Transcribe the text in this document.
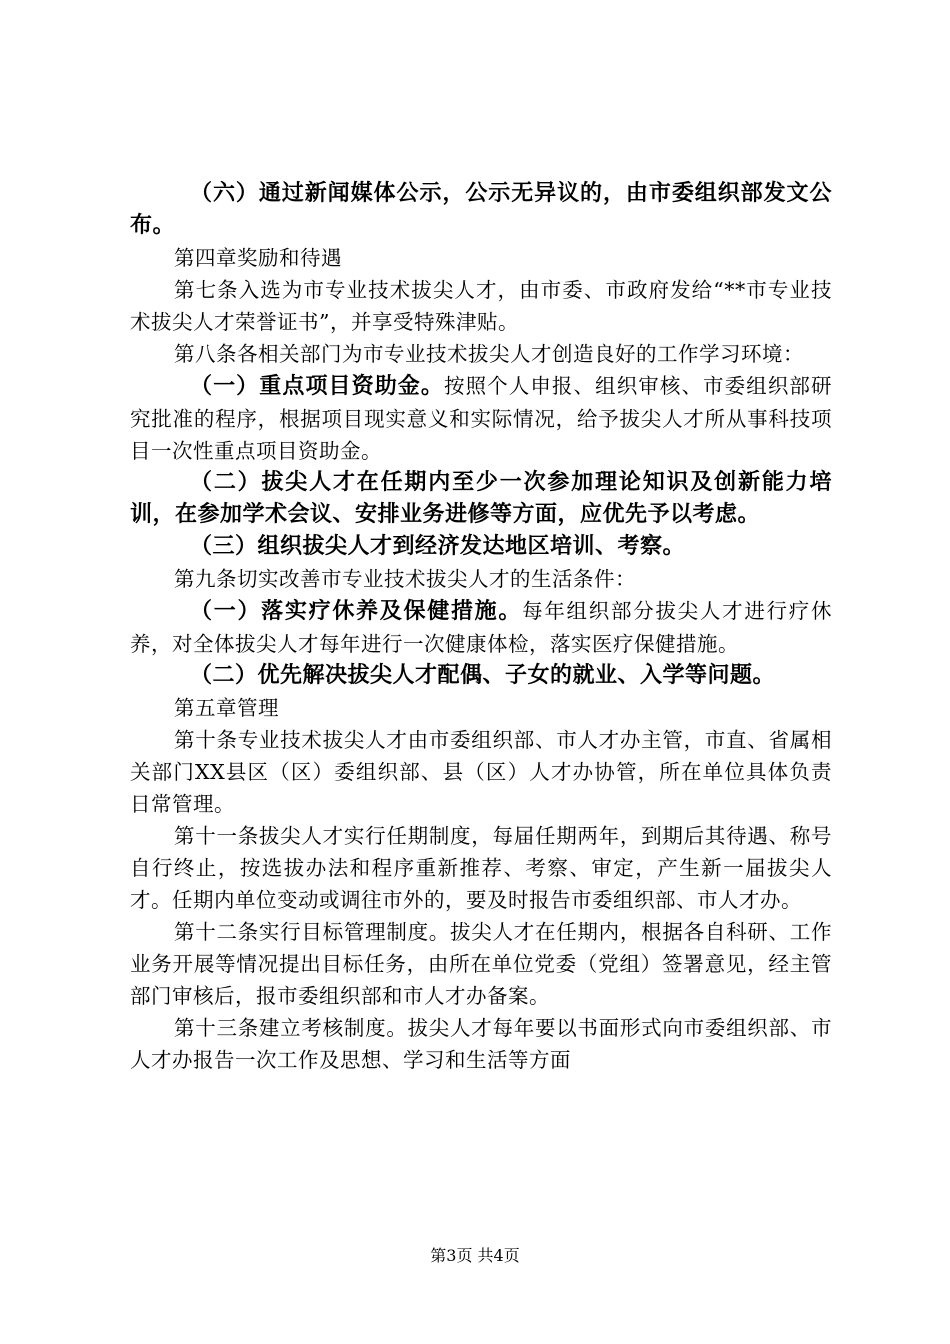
（六）通过新闻媒体公示，公示无异议的，由市委组织部发文公布。

第四章奖励和待遇

第七条入选为市专业技术拔尖人才，由市委、市政府发给“**市专业技术拔尖人才荣誉证书”，并享受特殊津贴。

第八条各相关部门为市专业技术拔尖人才创造良好的工作学习环境：

（一）重点项目资助金。按照个人申报、组织审核、市委组织部研究批准的程序，根据项目现实意义和实际情况，给予拔尖人才所从事科技项目一次性重点项目资助金。

（二）拔尖人才在任期内至少一次参加理论知识及创新能力培训，在参加学术会议、安排业务进修等方面，应优先予以考虑。

（三）组织拔尖人才到经济发达地区培训、考察。

第九条切实改善市专业技术拔尖人才的生活条件：

（一）落实疗休养及保健措施。每年组织部分拔尖人才进行疗休养，对全体拔尖人才每年进行一次健康体检，落实医疗保健措施。

（二）优先解决拔尖人才配偶、子女的就业、入学等问题。

第五章管理

第十条专业技术拔尖人才由市委组织部、市人才办主管，市直、省属相关部门XX县区（区）委组织部、县（区）人才办协管，所在单位具体负责日常管理。

第十一条拔尖人才实行任期制度，每届任期两年，到期后其待遇、称号自行终止，按选拔办法和程序重新推荐、考察、审定，产生新一届拔尖人才。任期内单位变动或调往市外的，要及时报告市委组织部、市人才办。

第十二条实行目标管理制度。拔尖人才在任期内，根据各自科研、工作业务开展等情况提出目标任务，由所在单位党委（党组）签署意见，经主管部门审核后，报市委组织部和市人才办备案。

第十三条建立考核制度。拔尖人才每年要以书面形式向市委组织部、市人才办报告一次工作及思想、学习和生活等方面

第3页 共4页
